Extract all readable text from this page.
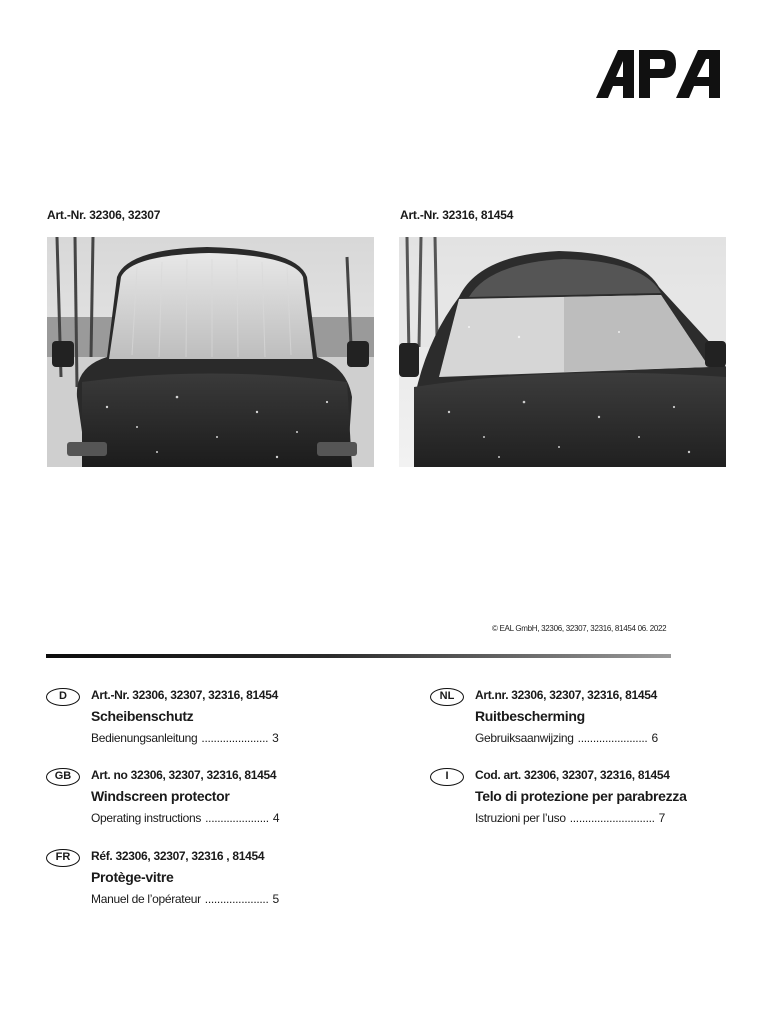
Art.-Nr. 32306, 32307	Art.-Nr. 32316, 81454
© EAL GmbH, 32306, 32307, 32316, 81454 06. 2022
D	Art.-Nr. 32306, 32307, 32316, 81454
Scheibenschutz
Bedienungsanleitung ...................... 3
GB	Art. no 32306, 32307, 32316, 81454
Windscreen protector
Operating instructions ..................... 4
FR	Réf. 32306, 32307, 32316 , 81454
Protège-vitre
Manuel de l’opérateur ..................... 5
NL	Art.nr. 32306, 32307, 32316, 81454
Ruitbescherming
Gebruiksaanwijzing ....................... 6
I	Cod. art. 32306, 32307, 32316, 81454
Telo di protezione per parabrezza
Istruzioni per l’uso ............................ 7
